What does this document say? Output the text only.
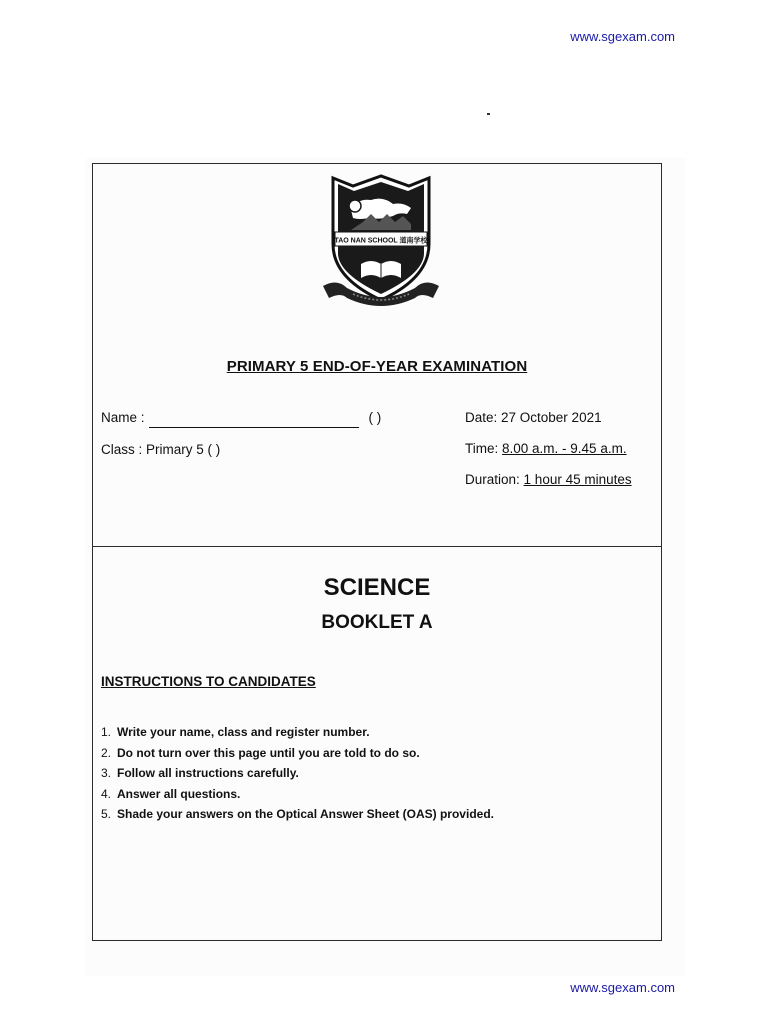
www.sgexam.com
TAO NAN SCHOOL 道南学校
PRIMARY 5 END-OF-YEAR EXAMINATION
Name :	( )
Class : Primary 5 ( )
Date: 27 October 2021
Time: 8.00 a.m. - 9.45 a.m.
Duration: 1 hour 45 minutes
SCIENCE
BOOKLET A
INSTRUCTIONS TO CANDIDATES
1. Write your name, class and register number.
2. Do not turn over this page until you are told to do so.
3. Follow all instructions carefully.
4. Answer all questions.
5. Shade your answers on the Optical Answer Sheet (OAS) provided.
www.sgexam.com
